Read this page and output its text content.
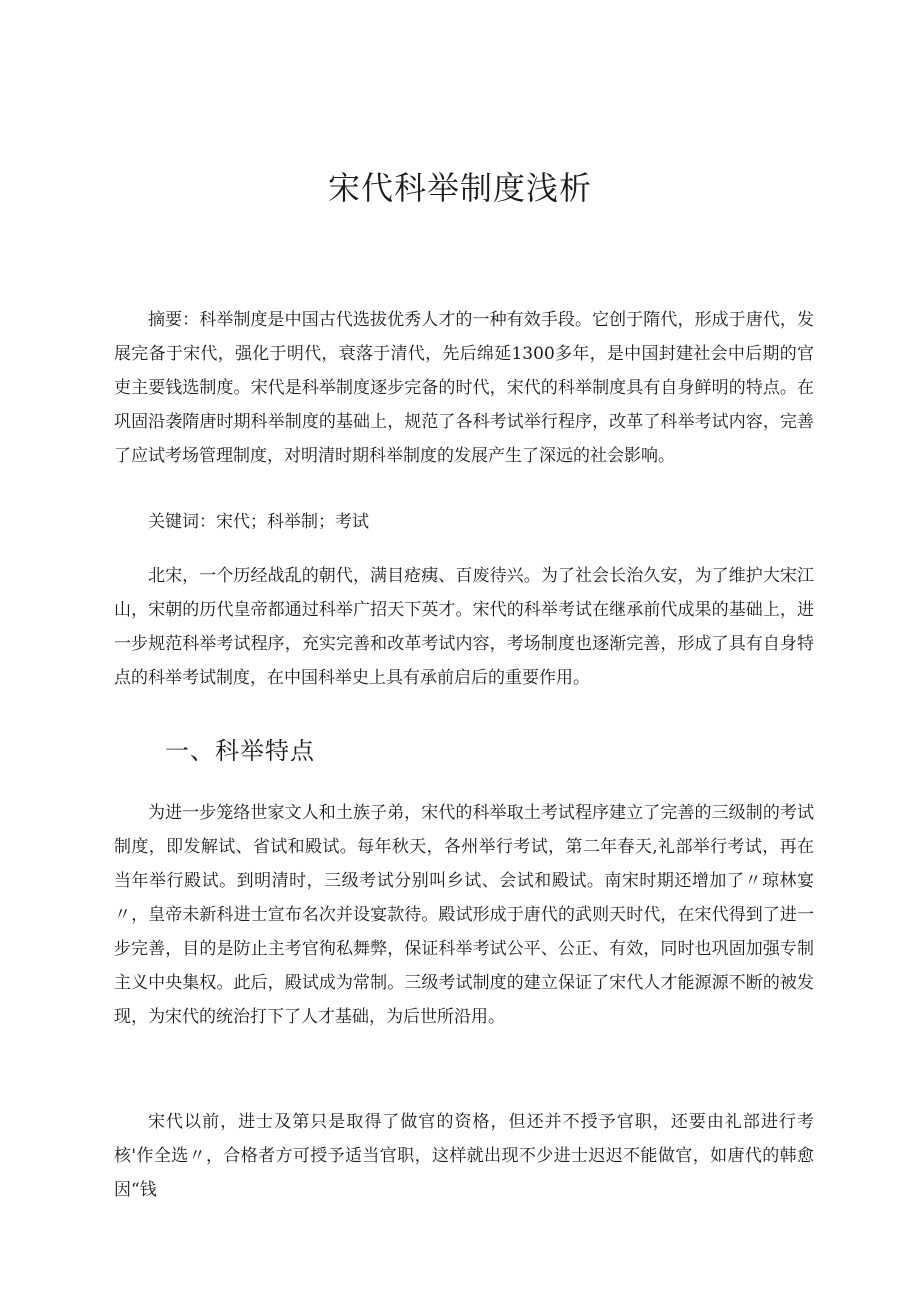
宋代科举制度浅析

摘要：科举制度是中国古代选拔优秀人才的一种有效手段。它创于隋代，形成于唐代，发展完备于宋代，强化于明代，衰落于清代，先后绵延1300多年，是中国封建社会中后期的官吏主要钱选制度。宋代是科举制度逐步完备的时代，宋代的科举制度具有自身鲜明的特点。在巩固沿袭隋唐时期科举制度的基础上，规范了各科考试举行程序，改革了科举考试内容，完善了应试考场管理制度，对明清时期科举制度的发展产生了深远的社会影响。

关键词：宋代；科举制；考试

北宋，一个历经战乱的朝代，满目疮痍、百废待兴。为了社会长治久安，为了维护大宋江山，宋朝的历代皇帝都通过科举广招天下英才。宋代的科举考试在继承前代成果的基础上，进一步规范科举考试程序，充实完善和改革考试内容，考场制度也逐渐完善，形成了具有自身特点的科举考试制度，在中国科举史上具有承前启后的重要作用。

一、科举特点

为进一步笼络世家文人和土族子弟，宋代的科举取土考试程序建立了完善的三级制的考试制度，即发解试、省试和殿试。每年秋天，各州举行考试，第二年春天,礼部举行考试，再在当年举行殿试。到明清时，三级考试分别叫乡试、会试和殿试。南宋时期还增加了〃琼林宴〃，皇帝未新科进士宣布名次并设宴款待。殿试形成于唐代的武则天时代，在宋代得到了进一步完善，目的是防止主考官徇私舞弊，保证科举考试公平、公正、有效，同时也巩固加强专制主义中央集权。此后，殿试成为常制。三级考试制度的建立保证了宋代人才能源源不断的被发现，为宋代的统治打下了人才基础，为后世所沿用。

宋代以前，进士及第只是取得了做官的资格，但还并不授予官职，还要由礼部进行考核'作全选〃，合格者方可授予适当官职，这样就出现不少进士迟迟不能做官，如唐代的韩愈因“钱
